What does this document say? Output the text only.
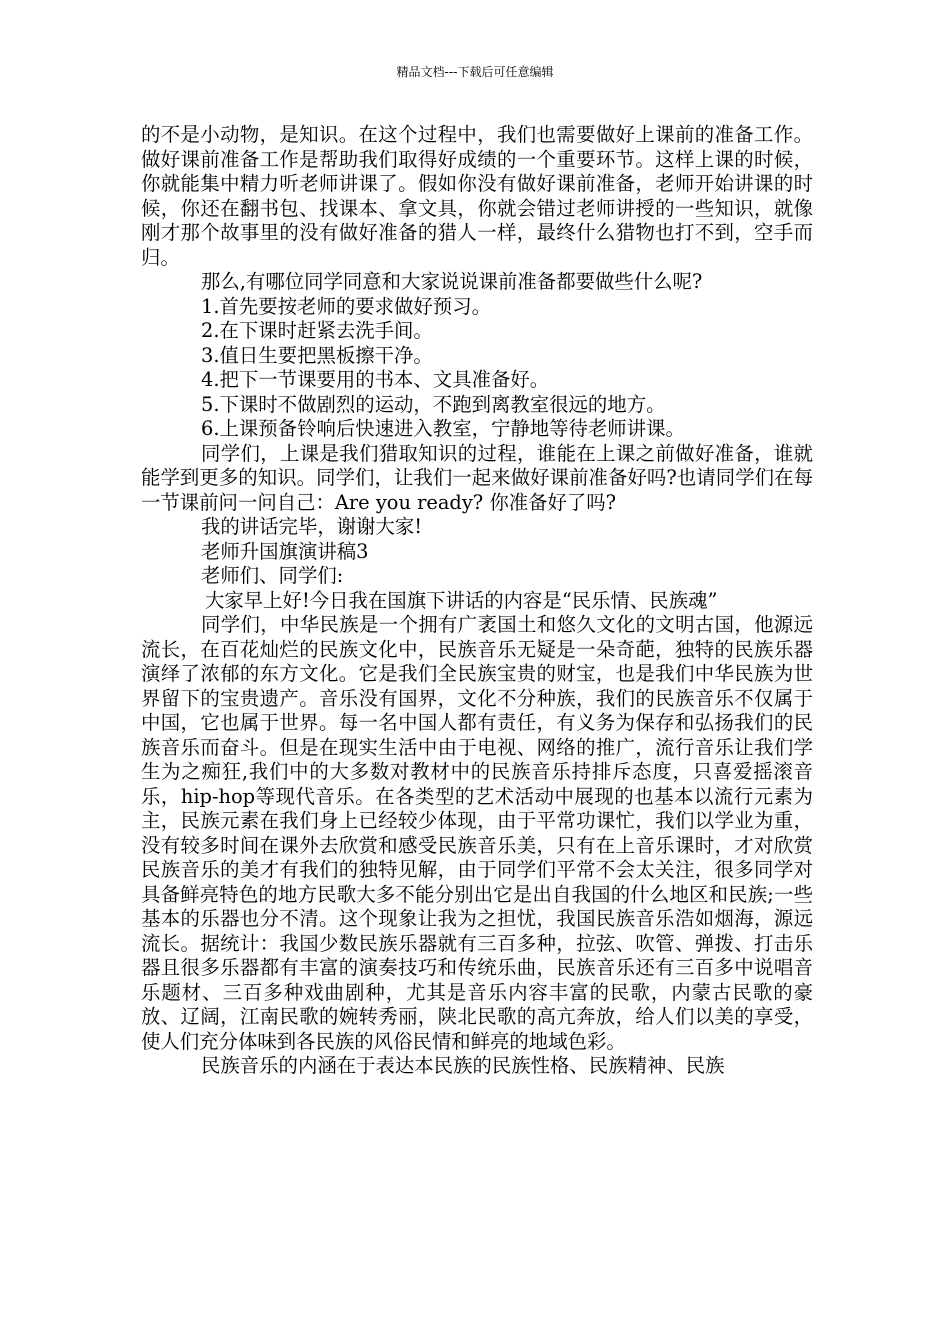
精品文档---下载后可任意编辑

的不是小动物，是知识。在这个过程中，我们也需要做好上课前的准备工作。做好课前准备工作是帮助我们取得好成绩的一个重要环节。这样上课的时候，你就能集中精力听老师讲课了。假如你没有做好课前准备，老师开始讲课的时候，你还在翻书包、找课本、拿文具，你就会错过老师讲授的一些知识，就像刚才那个故事里的没有做好准备的猎人一样，最终什么猎物也打不到，空手而归。

那么,有哪位同学同意和大家说说课前准备都要做些什么呢?

1.首先要按老师的要求做好预习。

2.在下课时赶紧去洗手间。

3.值日生要把黑板擦干净。

4.把下一节课要用的书本、文具准备好。

5.下课时不做剧烈的运动，不跑到离教室很远的地方。

6.上课预备铃响后快速进入教室，宁静地等待老师讲课。

同学们，上课是我们猎取知识的过程，谁能在上课之前做好准备，谁就能学到更多的知识。同学们，让我们一起来做好课前准备好吗?也请同学们在每一节课前问一问自己：Are you ready? 你准备好了吗?

我的讲话完毕，谢谢大家!

老师升国旗演讲稿3

老师们、同学们:

大家早上好!今日我在国旗下讲话的内容是“民乐情、民族魂”

同学们，中华民族是一个拥有广袤国土和悠久文化的文明古国，他源远流长，在百花灿烂的民族文化中，民族音乐无疑是一朵奇葩，独特的民族乐器演绎了浓郁的东方文化。它是我们全民族宝贵的财宝，也是我们中华民族为世界留下的宝贵遗产。音乐没有国界，文化不分种族，我们的民族音乐不仅属于中国，它也属于世界。每一名中国人都有责任，有义务为保存和弘扬我们的民族音乐而奋斗。但是在现实生活中由于电视、网络的推广，流行音乐让我们学生为之痴狂,我们中的大多数对教材中的民族音乐持排斥态度，只喜爱摇滚音乐，hip-hop等现代音乐。在各类型的艺术活动中展现的也基本以流行元素为主，民族元素在我们身上已经较少体现，由于平常功课忙，我们以学业为重，没有较多时间在课外去欣赏和感受民族音乐美，只有在上音乐课时，才对欣赏民族音乐的美才有我们的独特见解，由于同学们平常不会太关注，很多同学对具备鲜亮特色的地方民歌大多不能分别出它是出自我国的什么地区和民族;一些基本的乐器也分不清。这个现象让我为之担忧，我国民族音乐浩如烟海，源远流长。据统计：我国少数民族乐器就有三百多种，拉弦、吹管、弹拨、打击乐器且很多乐器都有丰富的演奏技巧和传统乐曲，民族音乐还有三百多中说唱音乐题材、三百多种戏曲剧种，尤其是音乐内容丰富的民歌，内蒙古民歌的豪放、辽阔，江南民歌的婉转秀丽，陕北民歌的高亢奔放，给人们以美的享受，使人们充分体味到各民族的风俗民情和鲜亮的地域色彩。

民族音乐的内涵在于表达本民族的民族性格、民族精神、民族
